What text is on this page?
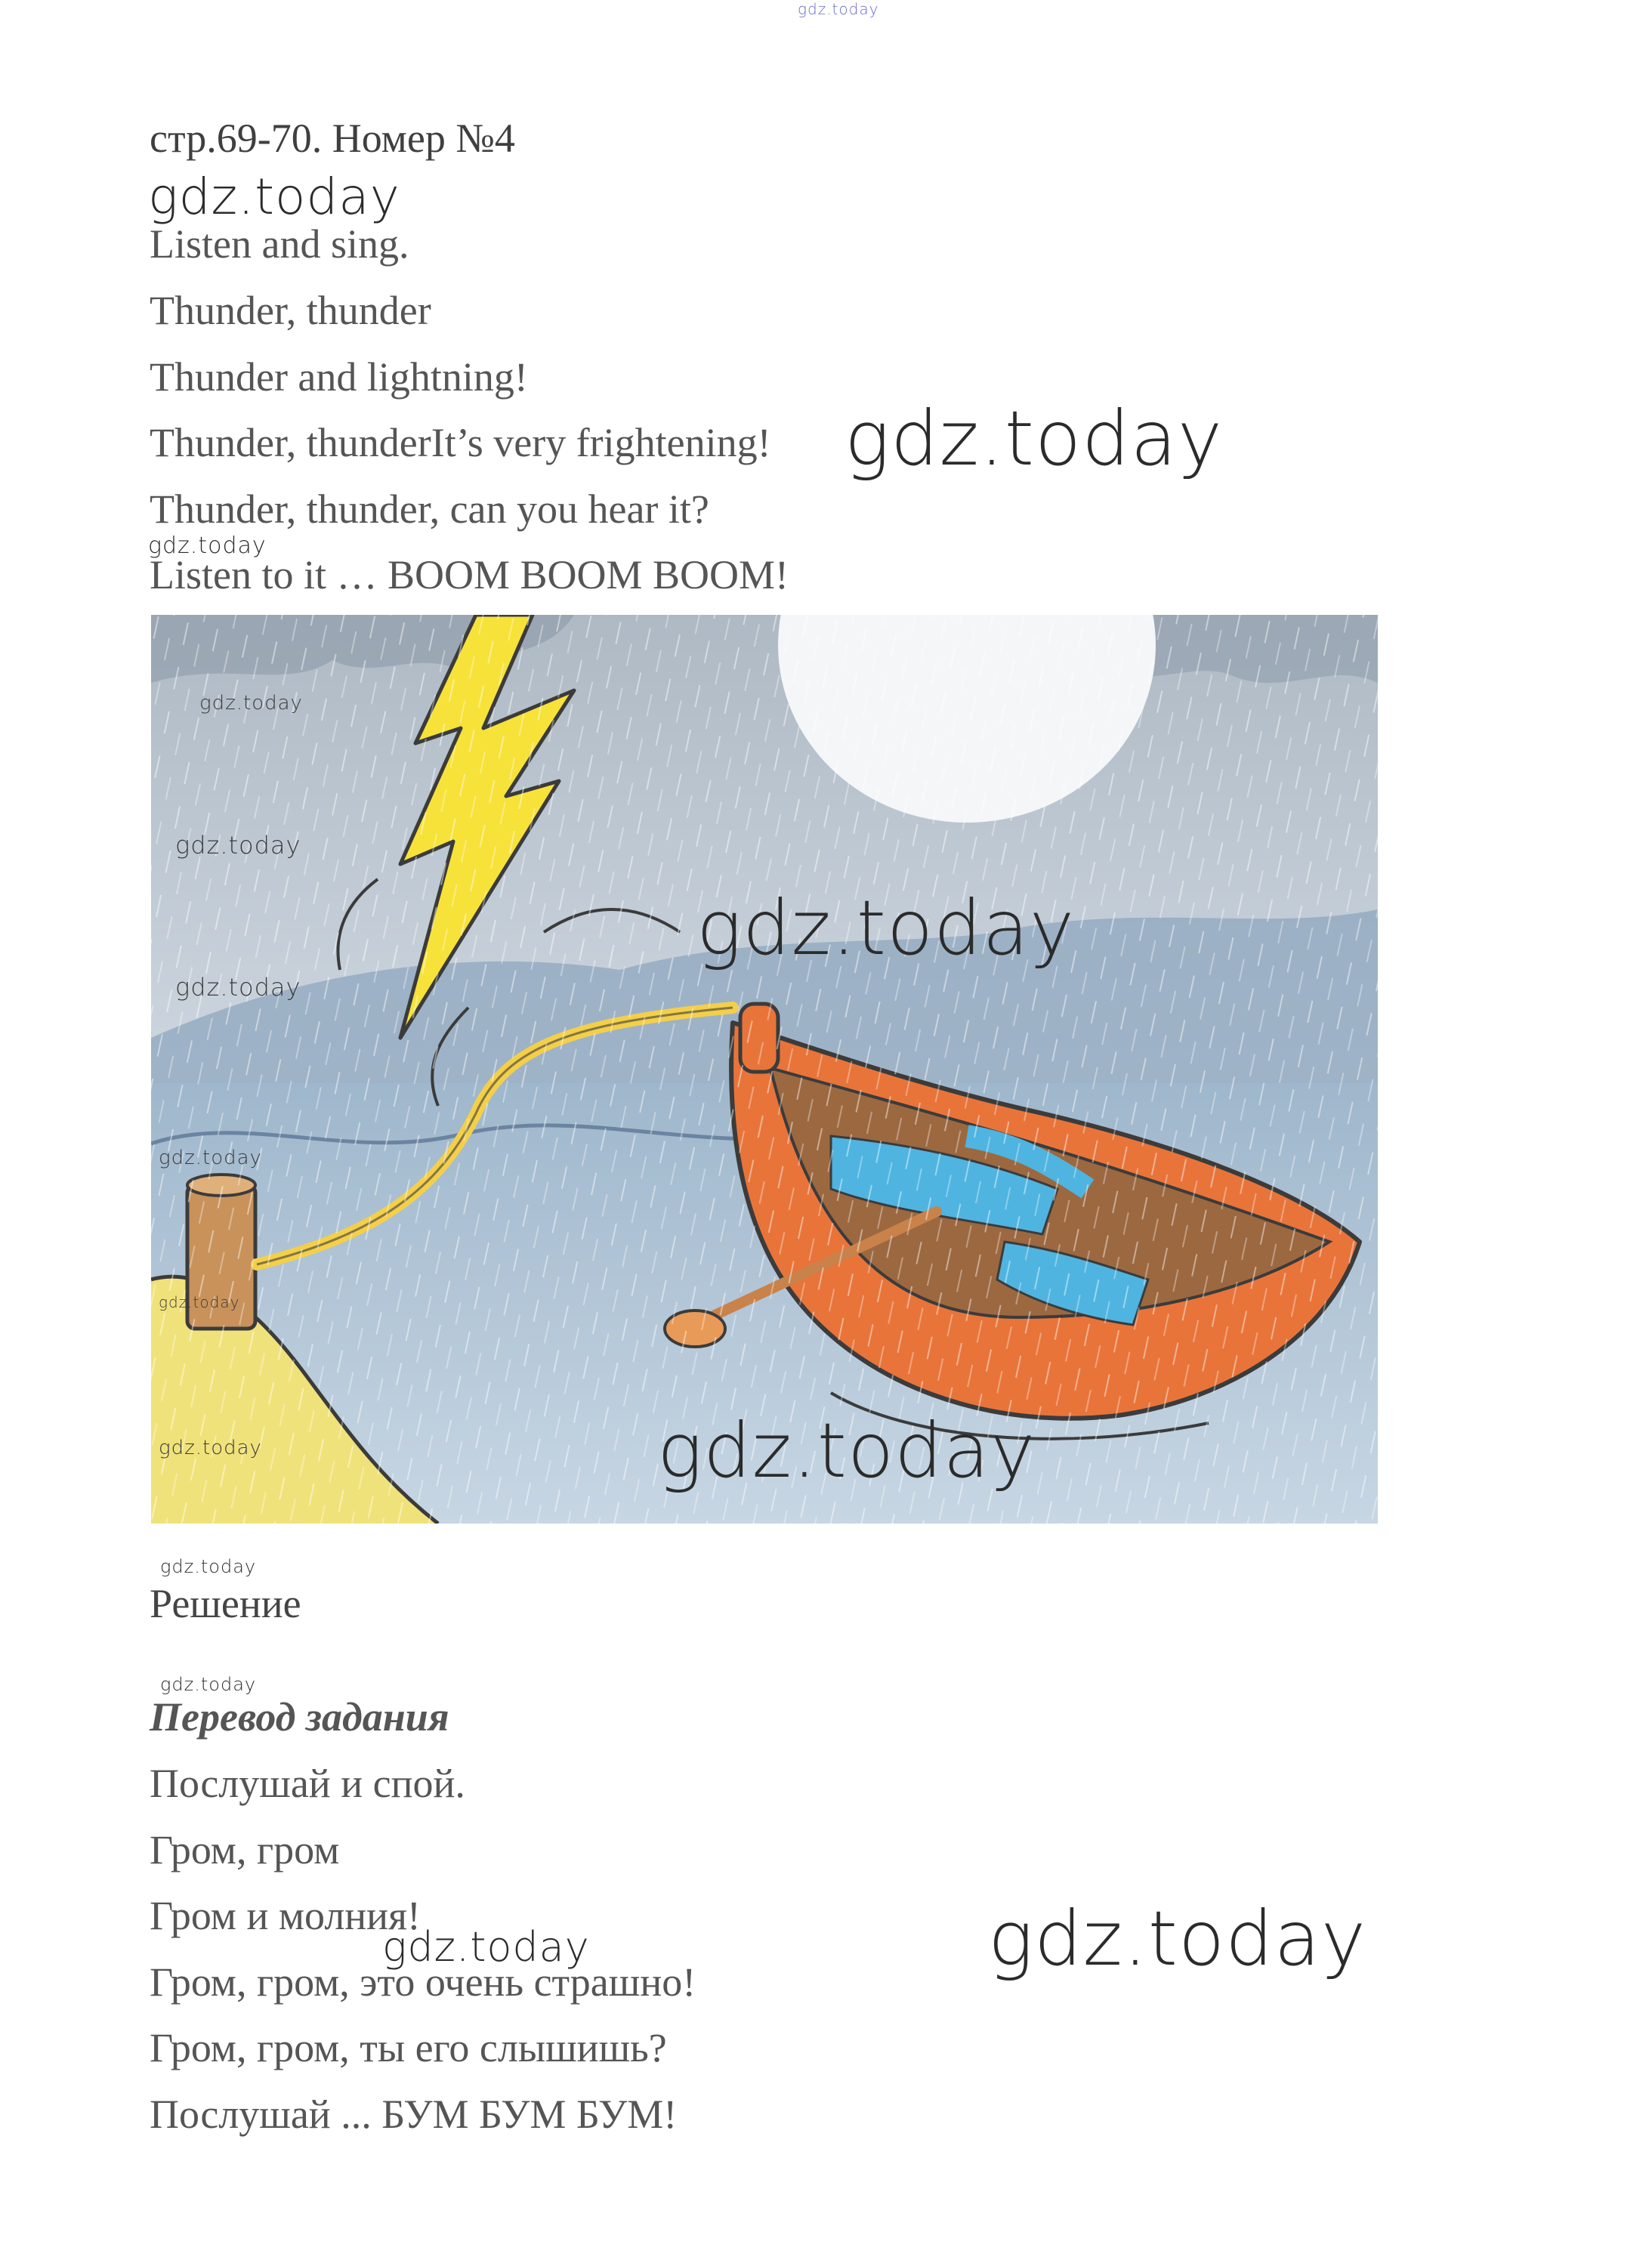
gdz.today
стр.69-70. Номер №4
gdz.today
Listen and sing.
Thunder, thunder
Thunder and lightning!
Thunder, thunderIt’s very frightening! gdz.today
Thunder, thunder, can you hear it?
gdz.today
Listen to it … BOOM BOOM BOOM!
gdz.today
gdz.today
gdz.today
gdz.today
gdz.today
gdz.today
gdz.today	gdz.today
gdz.today
Решение
gdz.today
Перевод задания
Послушай и спой.
Гром, гром
Гром и молния!
Гром, гром, это очень страшно!
gdz.today	gdz.today
Гром, гром, ты его слышишь?
Послушай ... БУМ БУМ БУМ!
